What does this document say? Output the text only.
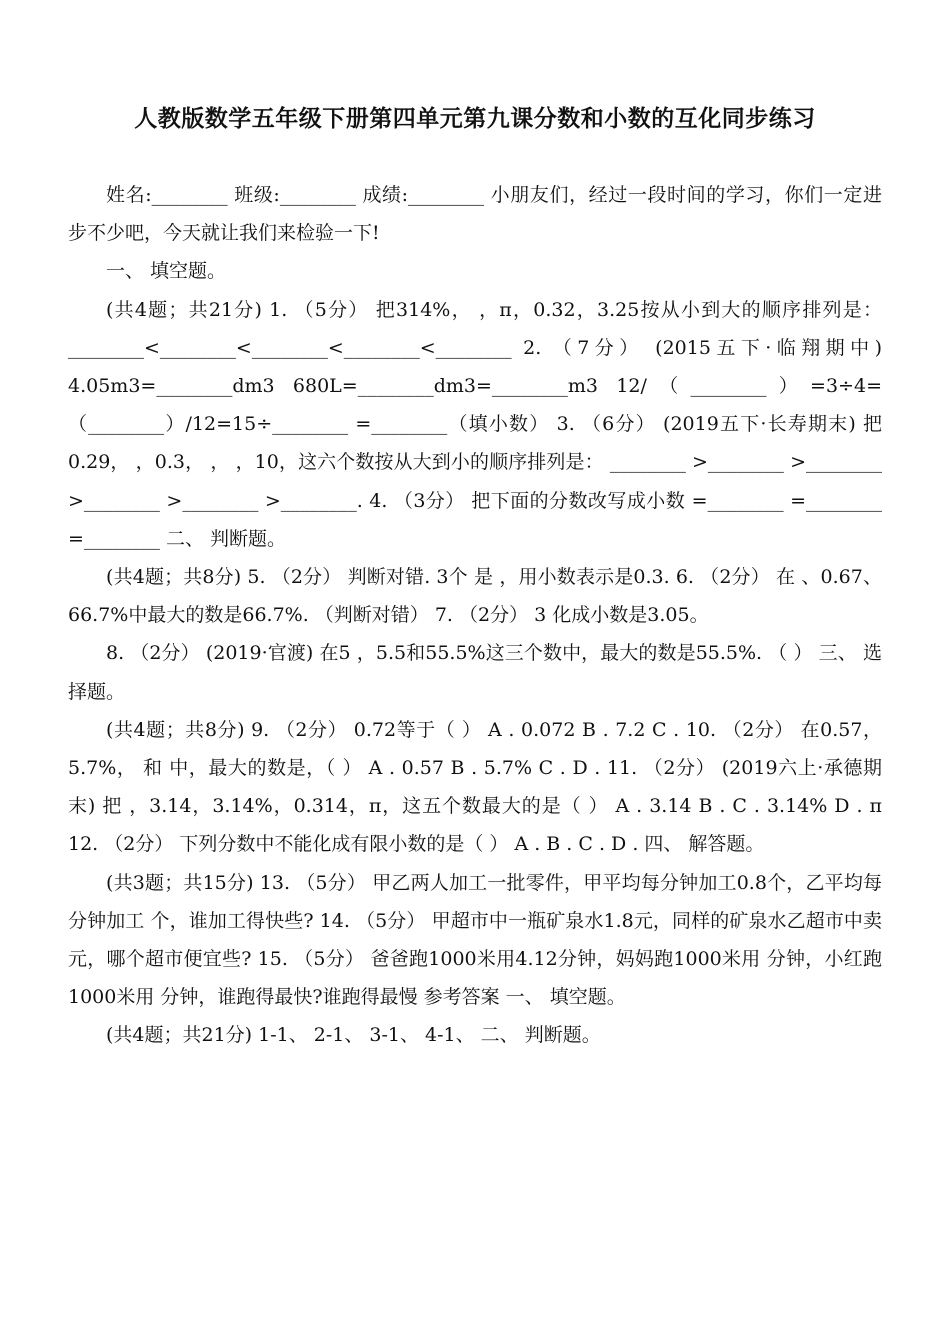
人教版数学五年级下册第四单元第九课分数和小数的互化同步练习

姓名:________ 班级:________ 成绩:________ 小朋友们，经过一段时间的学习，你们一定进步不少吧，今天就让我们来检验一下!

一、 填空题。

(共4题；共21分) 1. （5分） 把314%， ，π，0.32，3.25按从小到大的顺序排列是： ________<________<________<________<________ 2. （7分） (2015五下·临翔期中) 4.05m3=________dm3 680L=________dm3=________m3 12/（________）=3÷4=（________）/12=15÷________ =________（填小数） 3. （6分） (2019五下·长寿期末) 把0.29， ，0.3， ， ，10，这六个数按从大到小的顺序排列是： ________ >________ >________ >________ >________ >________. 4. （3分） 把下面的分数改写成小数 =________ =________ =________ 二、 判断题。

(共4题；共8分) 5. （2分） 判断对错. 3个 是 ，用小数表示是0.3. 6. （2分） 在 、0.67、66.7%中最大的数是66.7%. （判断对错） 7. （2分） 3 化成小数是3.05。

8. （2分） (2019·官渡) 在5 ，5.5和55.5%这三个数中，最大的数是55.5%. （ ） 三、 选择题。

(共4题；共8分) 9. （2分） 0.72等于（ ） A . 0.072 B . 7.2 C . 10. （2分） 在0.57，5.7%， 和 中，最大的数是，（ ） A . 0.57 B . 5.7% C . D . 11. （2分） (2019六上·承德期末) 把 ，3.14，3.14%，0.314，π，这五个数最大的是（ ） A . 3.14 B . C . 3.14% D . π 12. （2分） 下列分数中不能化成有限小数的是（ ） A . B . C . D . 四、 解答题。

(共3题；共15分) 13. （5分） 甲乙两人加工一批零件，甲平均每分钟加工0.8个，乙平均每分钟加工 个，谁加工得快些? 14. （5分） 甲超市中一瓶矿泉水1.8元，同样的矿泉水乙超市中卖 元，哪个超市便宜些? 15. （5分） 爸爸跑1000米用4.12分钟，妈妈跑1000米用 分钟，小红跑1000米用 分钟，谁跑得最快?谁跑得最慢 参考答案 一、 填空题。

(共4题；共21分) 1-1、 2-1、 3-1、 4-1、 二、 判断题。
